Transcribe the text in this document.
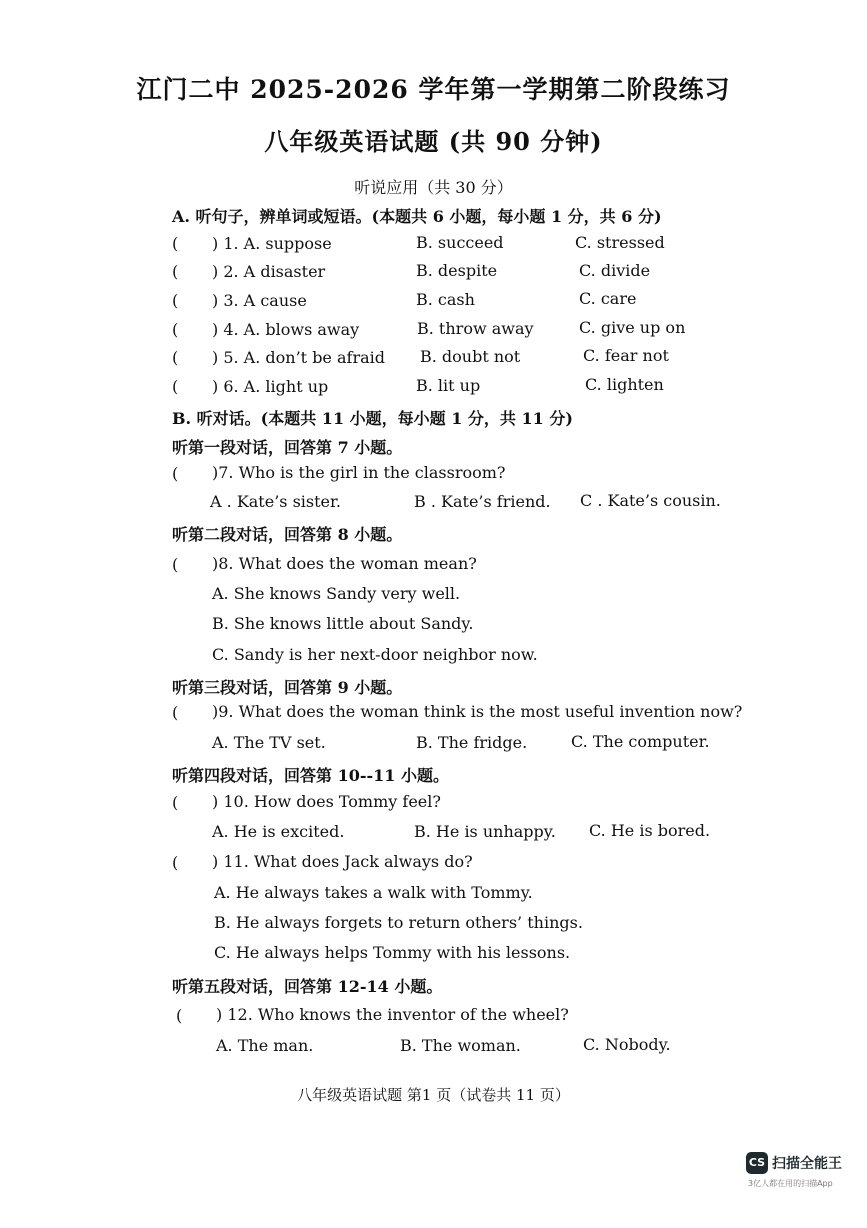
江门二中 2025-2026 学年第一学期第二阶段练习
八年级英语试题 (共 90 分钟)
听说应用（共 30 分）
A. 听句子，辨单词或短语。(本题共 6 小题，每小题 1 分，共 6 分)
( ) 1. A. suppose	B. succeed	C. stressed
( ) 2. A disaster	B. despite	C. divide
( ) 3. A cause	B. cash	C. care
( ) 4. A. blows away	B. throw away	C. give up on
( ) 5. A. don’t be afraid B. doubt not	C. fear not
( ) 6. A. light up	B. lit up	C. lighten
B. 听对话。(本题共 11 小题，每小题 1 分，共 11 分)
听第一段对话，回答第 7 小题。
( )7. Who is the girl in the classroom?
A . Kate’s sister.	B . Kate’s friend. C . Kate’s cousin.
听第二段对话，回答第 8 小题。
( )8. What does the woman mean?
A. She knows Sandy very well.
B. She knows little about Sandy.
C. Sandy is her next-door neighbor now.
听第三段对话，回答第 9 小题。
( )9. What does the woman think is the most useful invention now?
A. The TV set.	B. The fridge.	C. The computer.
听第四段对话，回答第 10--11 小题。
( ) 10. How does Tommy feel?
A. He is excited.	B. He is unhappy. C. He is bored.
( ) 11. What does Jack always do?
A. He always takes a walk with Tommy.
B. He always forgets to return others’ things.
C. He always helps Tommy with his lessons.
听第五段对话，回答第 12-14 小题。
( ) 12. Who knows the inventor of the wheel?
A. The man.	B. The woman.	C. Nobody.
八年级英语试题 第1 页（试卷共 11 页）
CS 扫描全能王
3亿人都在用的扫描App
